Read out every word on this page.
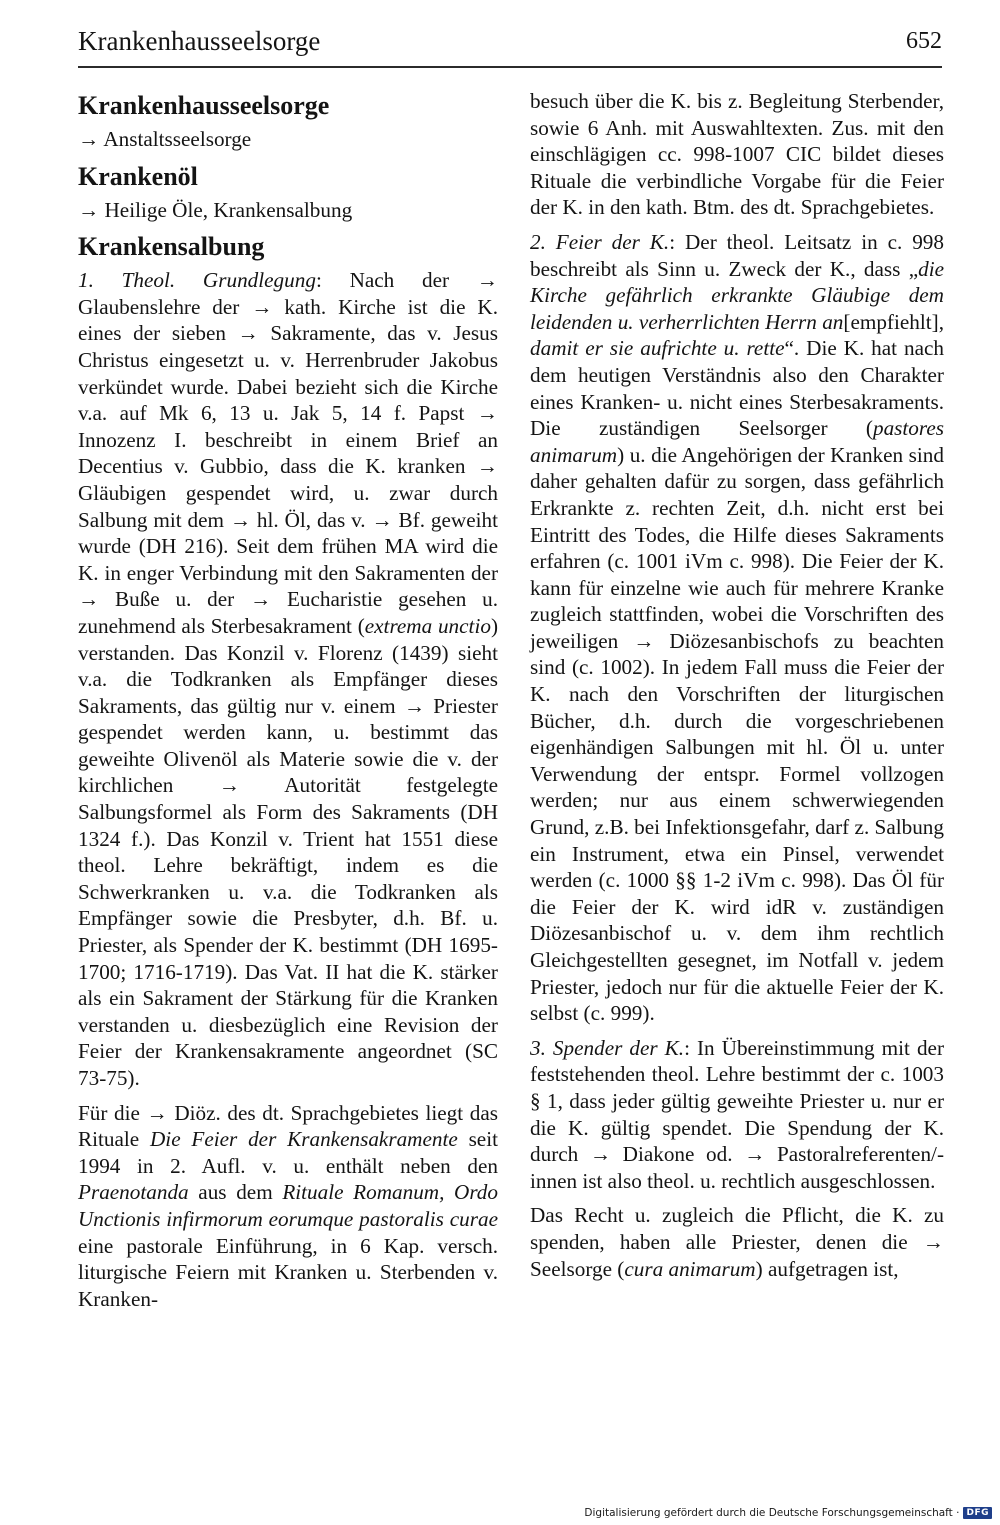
Krankenhausseelsorge	652
Krankenhausseelsorge
→ Anstaltsseelsorge
Krankenöl
→ Heilige Öle, Krankensalbung
Krankensalbung

1. Theol. Grundlegung: Nach der → Glaubenslehre der → kath. Kirche ist die K. eines der sieben → Sakramente, das v. Jesus Christus eingesetzt u. v. Herrenbruder Jakobus verkündet wurde. Dabei bezieht sich die Kirche v.a. auf Mk 6, 13 u. Jak 5, 14 f. Papst → Innozenz I. beschreibt in einem Brief an Decentius v. Gubbio, dass die K. kranken → Gläubigen gespendet wird, u. zwar durch Salbung mit dem → hl. Öl, das v. → Bf. geweiht wurde (DH 216). Seit dem frühen MA wird die K. in enger Verbindung mit den Sakramenten der → Buße u. der → Eucharistie gesehen u. zunehmend als Sterbesakrament (extrema unctio) verstanden. Das Konzil v. Florenz (1439) sieht v.a. die Todkranken als Empfänger dieses Sakraments, das gültig nur v. einem → Priester gespendet werden kann, u. bestimmt das geweihte Olivenöl als Materie sowie die v. der kirchlichen → Autorität festgelegte Salbungsformel als Form des Sakraments (DH 1324 f.). Das Konzil v. Trient hat 1551 diese theol. Lehre bekräftigt, indem es die Schwerkranken u. v.a. die Todkranken als Empfänger sowie die Presbyter, d.h. Bf. u. Priester, als Spender der K. bestimmt (DH 1695-1700; 1716-1719). Das Vat. II hat die K. stärker als ein Sakrament der Stärkung für die Kranken verstanden u. diesbezüglich eine Revision der Feier der Krankensakramente angeordnet (SC 73-75).

Für die → Diöz. des dt. Sprachgebietes liegt das Rituale Die Feier der Krankensakramente seit 1994 in 2. Aufl. v. u. enthält neben den Praenotanda aus dem Rituale Romanum, Ordo Unctionis infirmorum eorumque pastoralis curae eine pastorale Einführung, in 6 Kap. versch. liturgische Feiern mit Kranken u. Sterbenden v. Kranken-

besuch über die K. bis z. Begleitung Sterbender, sowie 6 Anh. mit Auswahltexten. Zus. mit den einschlägigen cc. 998-1007 CIC bildet dieses Rituale die verbindliche Vorgabe für die Feier der K. in den kath. Btm. des dt. Sprachgebietes.

2. Feier der K.: Der theol. Leitsatz in c. 998 beschreibt als Sinn u. Zweck der K., dass „die Kirche gefährlich erkrankte Gläubige dem leidenden u. verherrlichten Herrn an[empfiehlt], damit er sie aufrichte u. rette“. Die K. hat nach dem heutigen Verständnis also den Charakter eines Kranken- u. nicht eines Sterbesakraments. Die zuständigen Seelsorger (pastores animarum) u. die Angehörigen der Kranken sind daher gehalten dafür zu sorgen, dass gefährlich Erkrankte z. rechten Zeit, d.h. nicht erst bei Eintritt des Todes, die Hilfe dieses Sakraments erfahren (c. 1001 iVm c. 998). Die Feier der K. kann für einzelne wie auch für mehrere Kranke zugleich stattfinden, wobei die Vorschriften des jeweiligen → Diözesanbischofs zu beachten sind (c. 1002). In jedem Fall muss die Feier der K. nach den Vorschriften der liturgischen Bücher, d.h. durch die vorgeschriebenen eigenhändigen Salbungen mit hl. Öl u. unter Verwendung der entspr. Formel vollzogen werden; nur aus einem schwerwiegenden Grund, z.B. bei Infektionsgefahr, darf z. Salbung ein Instrument, etwa ein Pinsel, verwendet werden (c. 1000 §§ 1-2 iVm c. 998). Das Öl für die Feier der K. wird idR v. zuständigen Diözesanbischof u. v. dem ihm rechtlich Gleichgestellten gesegnet, im Notfall v. jedem Priester, jedoch nur für die aktuelle Feier der K. selbst (c. 999).

3. Spender der K.: In Übereinstimmung mit der feststehenden theol. Lehre bestimmt der c. 1003 § 1, dass jeder gültig geweihte Priester u. nur er die K. gültig spendet. Die Spendung der K. durch → Diakone od. → Pastoralreferenten/-innen ist also theol. u. rechtlich ausgeschlossen.

Das Recht u. zugleich die Pflicht, die K. zu spenden, haben alle Priester, denen die → Seelsorge (cura animarum) aufgetragen ist,

Digitalisierung gefördert durch die Deutsche Forschungsgemeinschaft · DFG
